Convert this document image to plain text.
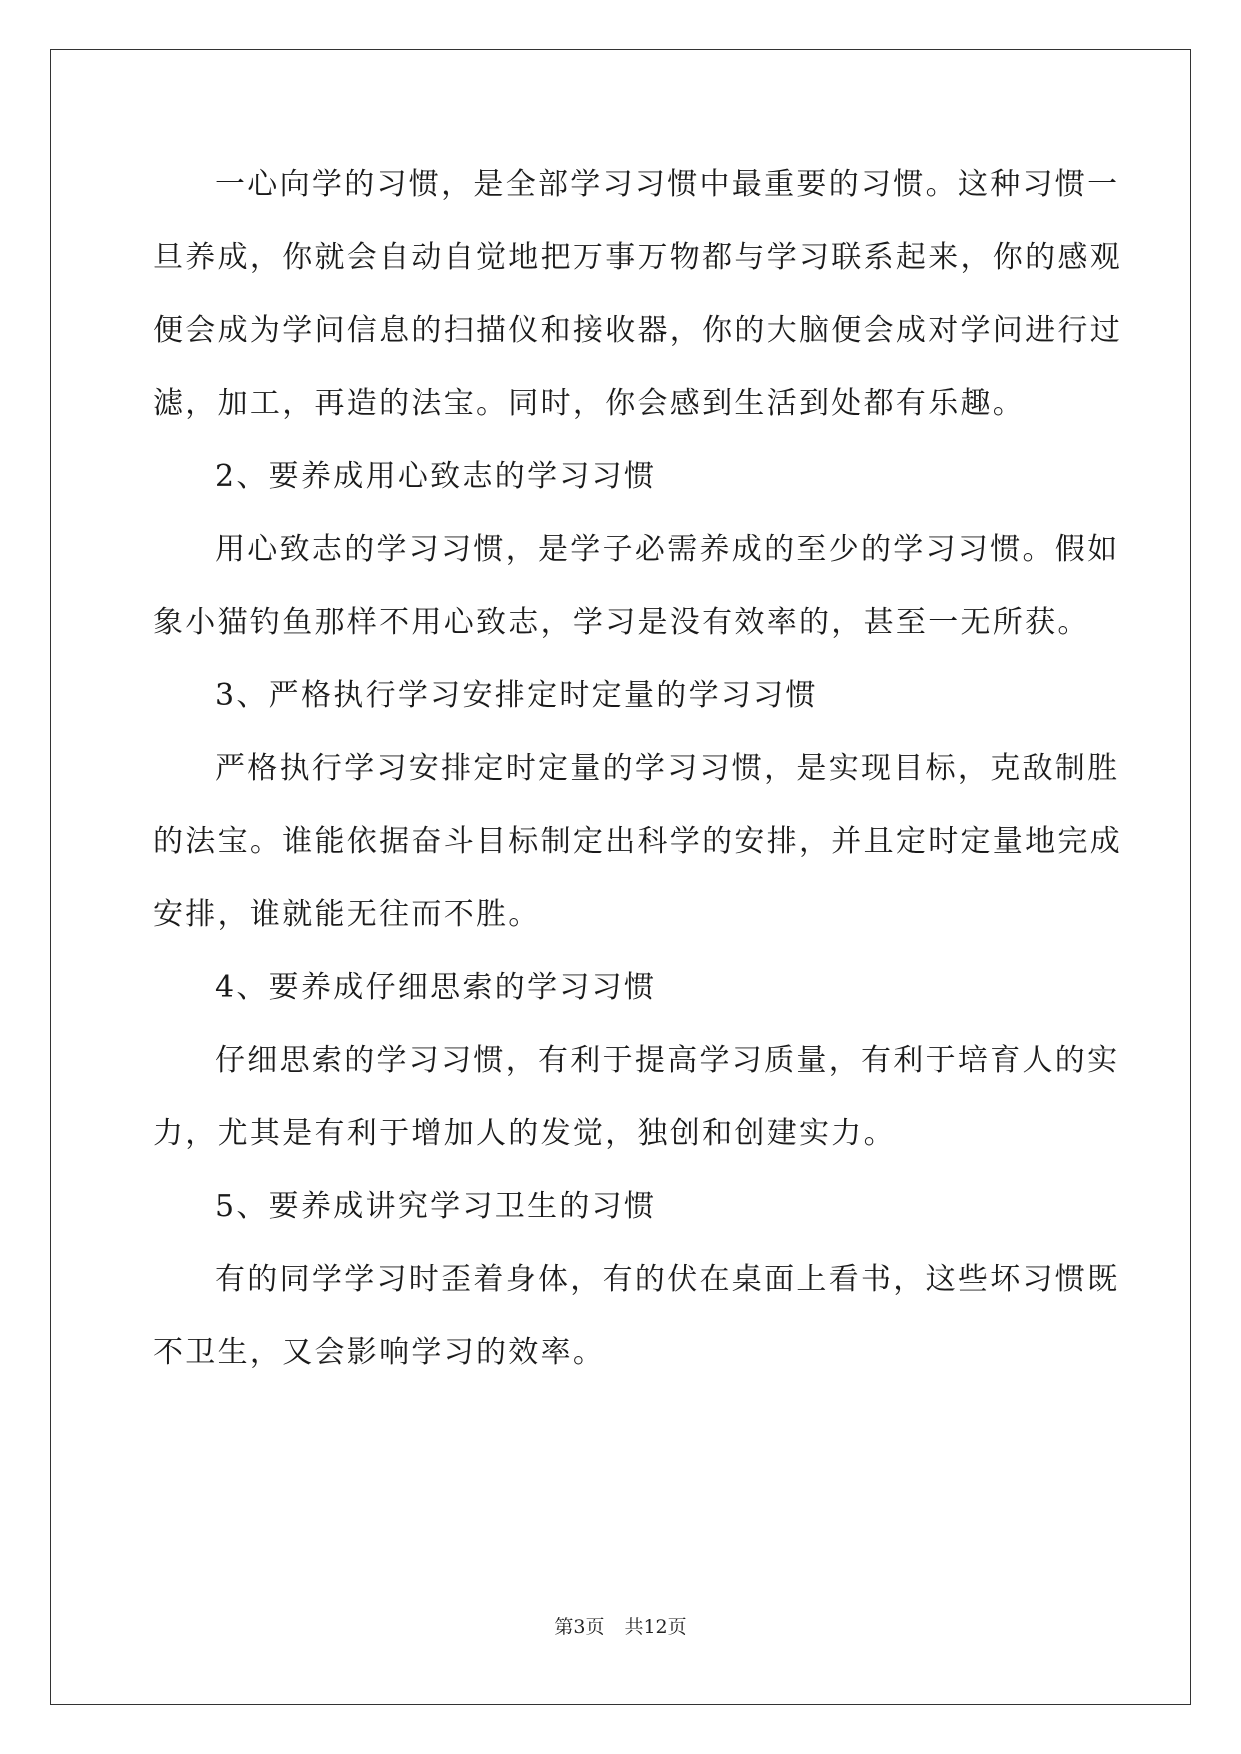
一心向学的习惯，是全部学习习惯中最重要的习惯。这种习惯一
旦养成，你就会自动自觉地把万事万物都与学习联系起来，你的感观
便会成为学问信息的扫描仪和接收器，你的大脑便会成对学问进行过
滤，加工，再造的法宝。同时，你会感到生活到处都有乐趣。
2、要养成用心致志的学习习惯
用心致志的学习习惯，是学子必需养成的至少的学习习惯。假如
象小猫钓鱼那样不用心致志，学习是没有效率的，甚至一无所获。
3、严格执行学习安排定时定量的学习习惯
严格执行学习安排定时定量的学习习惯，是实现目标，克敌制胜
的法宝。谁能依据奋斗目标制定出科学的安排，并且定时定量地完成
安排，谁就能无往而不胜。
4、要养成仔细思索的学习习惯
仔细思索的学习习惯，有利于提高学习质量，有利于培育人的实
力，尤其是有利于增加人的发觉，独创和创建实力。
5、要养成讲究学习卫生的习惯
有的同学学习时歪着身体，有的伏在桌面上看书，这些坏习惯既
不卫生，又会影响学习的效率。
第3页 共12页
